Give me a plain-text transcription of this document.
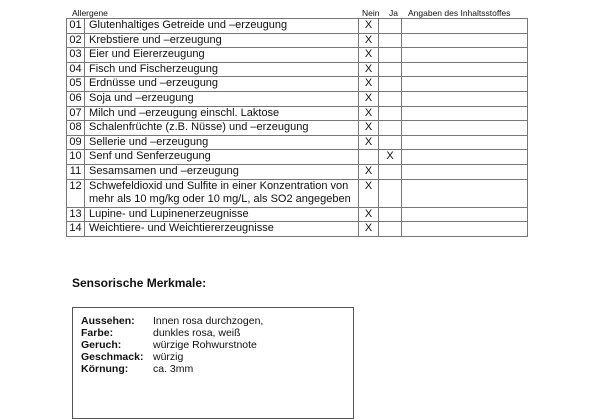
Allergene	Nein Ja Angaben des Inhaltsstoffes
01	Glutenhaltiges Getreide und –erzeugung	X		
02	Krebstiere und –erzeugung	X		
03	Eier und Eiererzeugung	X		
04	Fisch und Fischerzeugung	X		
05	Erdnüsse und –erzeugung	X		
06	Soja und –erzeugung	X		
07	Milch und –erzeugung einschl. Laktose	X		
08	Schalenfrüchte (z.B. Nüsse) und –erzeugung	X		
09	Sellerie und –erzeugung	X		
10	Senf und Senferzeugung		X	
11	Sesamsamen und –erzeugung	X		
12	Schwefeldioxid und Sulfite in einer Konzentration von mehr als 10 mg/kg oder 10 mg/L, als SO2 angegeben	X		
13	Lupine- und Lupinenerzeugnisse	X		
14	Weichtiere- und Weichtiererzeugnisse	X		
Sensorische Merkmale:
Aussehen: Innen rosa durchzogen,
Farbe:	dunkles rosa, weiß
Geruch:	würzige Rohwurstnote
Geschmack: würzig
Körnung: ca. 3mm
